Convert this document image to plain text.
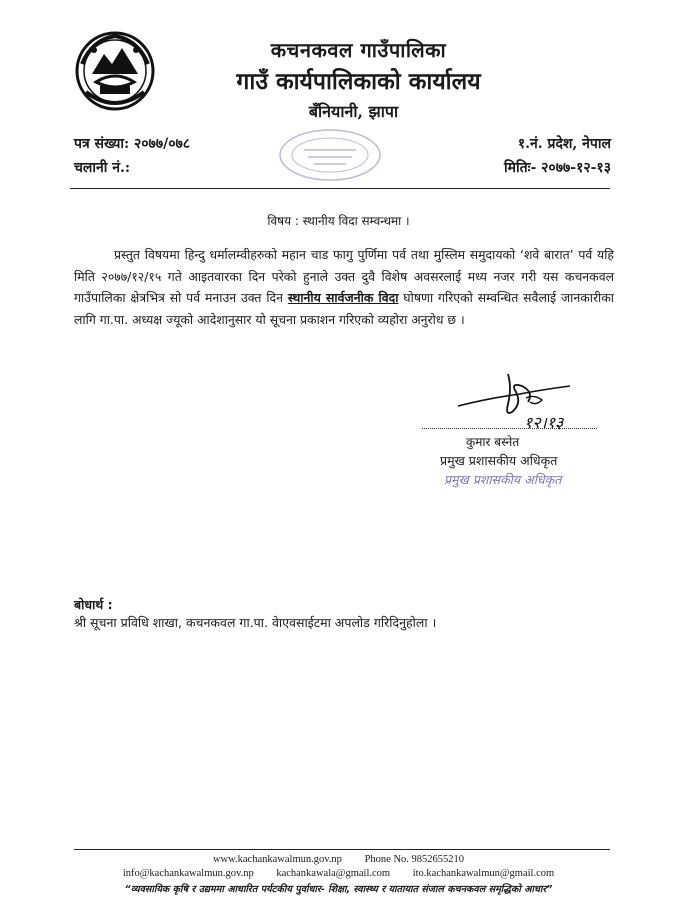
कचनकवल गाउँपालिका
गाउँ कार्यपालिकाको कार्यालय
बँनियानी, झापा
पत्र संख्या: २०७७/०७८
चलानी नं.:
१.नं. प्रदेश, नेपाल
मितिः- २०७७-१२-१३
विषय : स्थानीय विदा सम्वन्धमा ।
प्रस्तुत विषयमा हिन्दु धर्मालम्वीहरुको महान चाड फागु पुर्णिमा पर्व तथा मुस्लिम समुदायको ‘शवे बारात’ पर्व यहि मिति २०७७/१२/१५ गते आइतवारका दिन परेको हुनाले उक्त दुवै विशेष अवसरलाई मध्य नजर गरी यस कचनकवल गाउँपालिका क्षेत्रभित्र सो पर्व मनाउन उक्त दिन स्थानीय सार्वजनीक विदा घोषणा गरिएको सम्वन्धित सवैलाई जानकारीका लागि गा.पा. अध्यक्ष ज्यूको आदेशानुसार यो सूचना प्रकाशन गरिएको व्यहोरा अनुरोध छ ।
१२।१३
कुमार बस्नेत
प्रमुख प्रशासकीय अधिकृत
प्रमुख प्रशासकीय अधिकृत
बोधार्थ :
श्री सूचना प्रविधि शाखा, कचनकवल गा.पा. वेाएवसाईटमा अपलोड गरिदिनुहोला ।
www.kachankawalmun.gov.np Phone No. 9852655210
info@kachankawalmun.gov.np kachankawala@gmail.com ito.kachankawalmun@gmail.com
“व्यवसायिक कृषि र उद्यममा आधारित पर्यटकीय पुर्वाधार- शिक्षा, स्वास्थ्य र यातायात संजाल कचनकवल समृद्धिको आधार”
